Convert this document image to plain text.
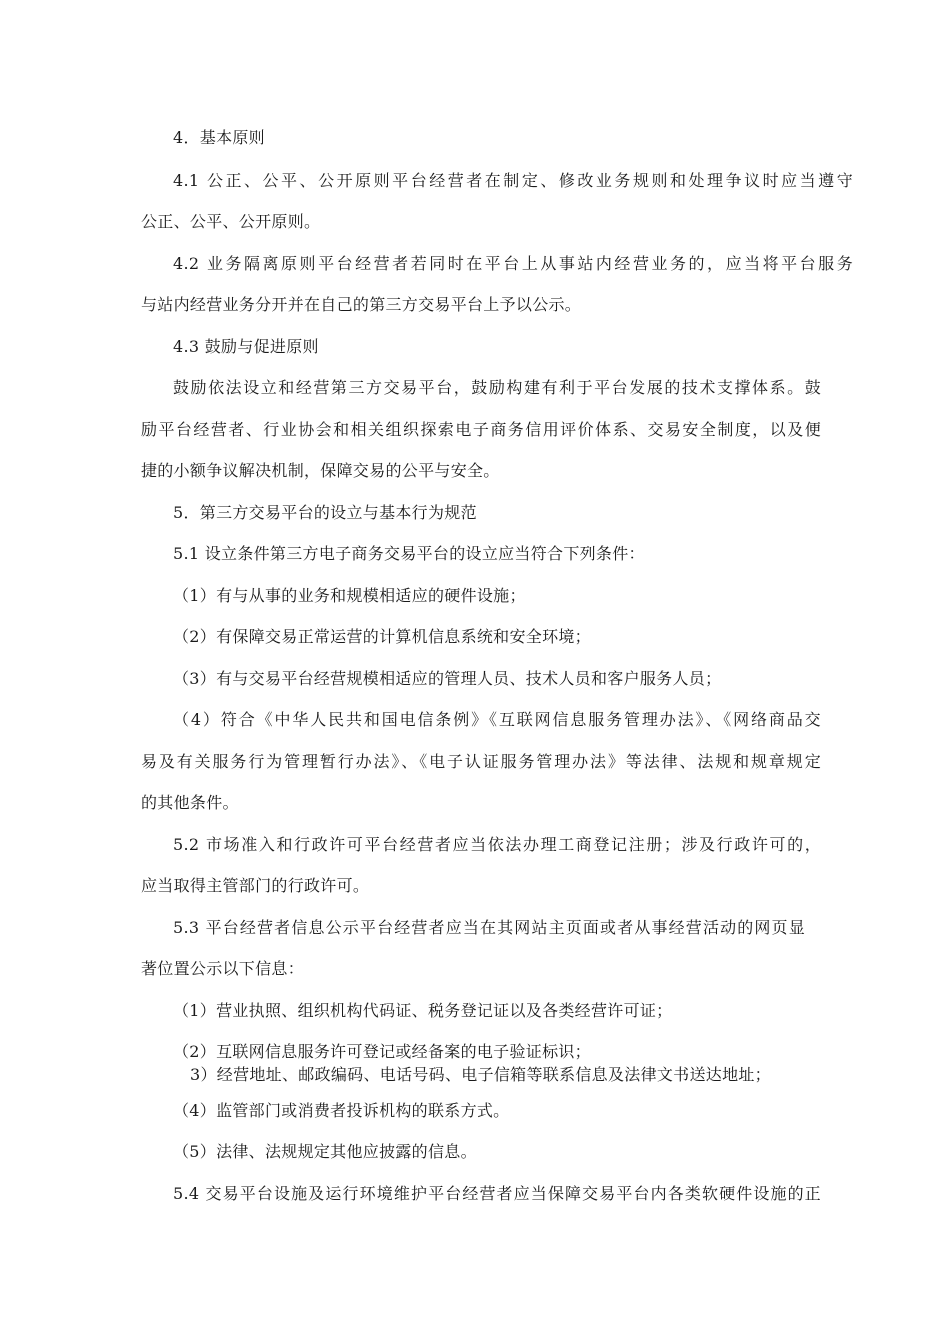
4．基本原则
4.1 公正、公平、公开原则平台经营者在制定、修改业务规则和处理争议时应当遵守
公正、公平、公开原则。
4.2 业务隔离原则平台经营者若同时在平台上从事站内经营业务的，应当将平台服务
与站内经营业务分开并在自己的第三方交易平台上予以公示。
4.3 鼓励与促进原则
鼓励依法设立和经营第三方交易平台，鼓励构建有利于平台发展的技术支撑体系。鼓
励平台经营者、行业协会和相关组织探索电子商务信用评价体系、交易安全制度，以及便
捷的小额争议解决机制，保障交易的公平与安全。
5．第三方交易平台的设立与基本行为规范
5.1 设立条件第三方电子商务交易平台的设立应当符合下列条件：
（1）有与从事的业务和规模相适应的硬件设施；
（2）有保障交易正常运营的计算机信息系统和安全环境；
（3）有与交易平台经营规模相适应的管理人员、技术人员和客户服务人员；
（4）符合《中华人民共和国电信条例》《互联网信息服务管理办法》、《网络商品交
易及有关服务行为管理暂行办法》、《电子认证服务管理办法》等法律、法规和规章规定
的其他条件。
5.2 市场准入和行政许可平台经营者应当依法办理工商登记注册；涉及行政许可的，
应当取得主管部门的行政许可。
5.3 平台经营者信息公示平台经营者应当在其网站主页面或者从事经营活动的网页显
著位置公示以下信息：
（1）营业执照、组织机构代码证、税务登记证以及各类经营许可证；
（2）互联网信息服务许可登记或经备案的电子验证标识；
3）经营地址、邮政编码、电话号码、电子信箱等联系信息及法律文书送达地址；
（4）监管部门或消费者投诉机构的联系方式。
（5）法律、法规规定其他应披露的信息。
5.4 交易平台设施及运行环境维护平台经营者应当保障交易平台内各类软硬件设施的正
